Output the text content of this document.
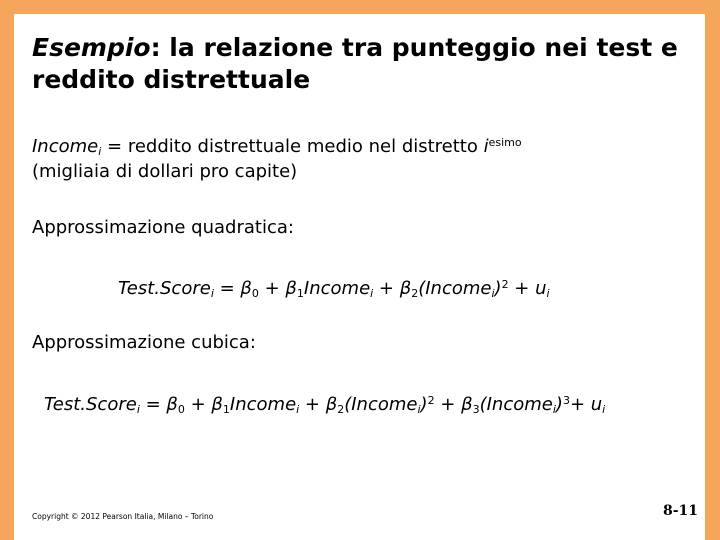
Esempio: la relazione tra punteggio nei test e reddito distrettuale
Income$_i$ = reddito distrettuale medio nel distretto $i^{esimo}$
(migliaia di dollari pro capite)
Approssimazione quadratica:
Test.Score$_i$ = $\beta_0$ + $\beta_1Income_i$ + $\beta_2(Income_i)^2 + u_i$
Approssimazione cubica:
Test.Score$_i$ = $\beta_0$ + $\beta_1Income_i$ + $\beta_2(Income_i)^2$ + $\beta_3(Income_i)^3+ u_i$
Copyright © 2012 Pearson Italia, Milano – Torino	8-11
